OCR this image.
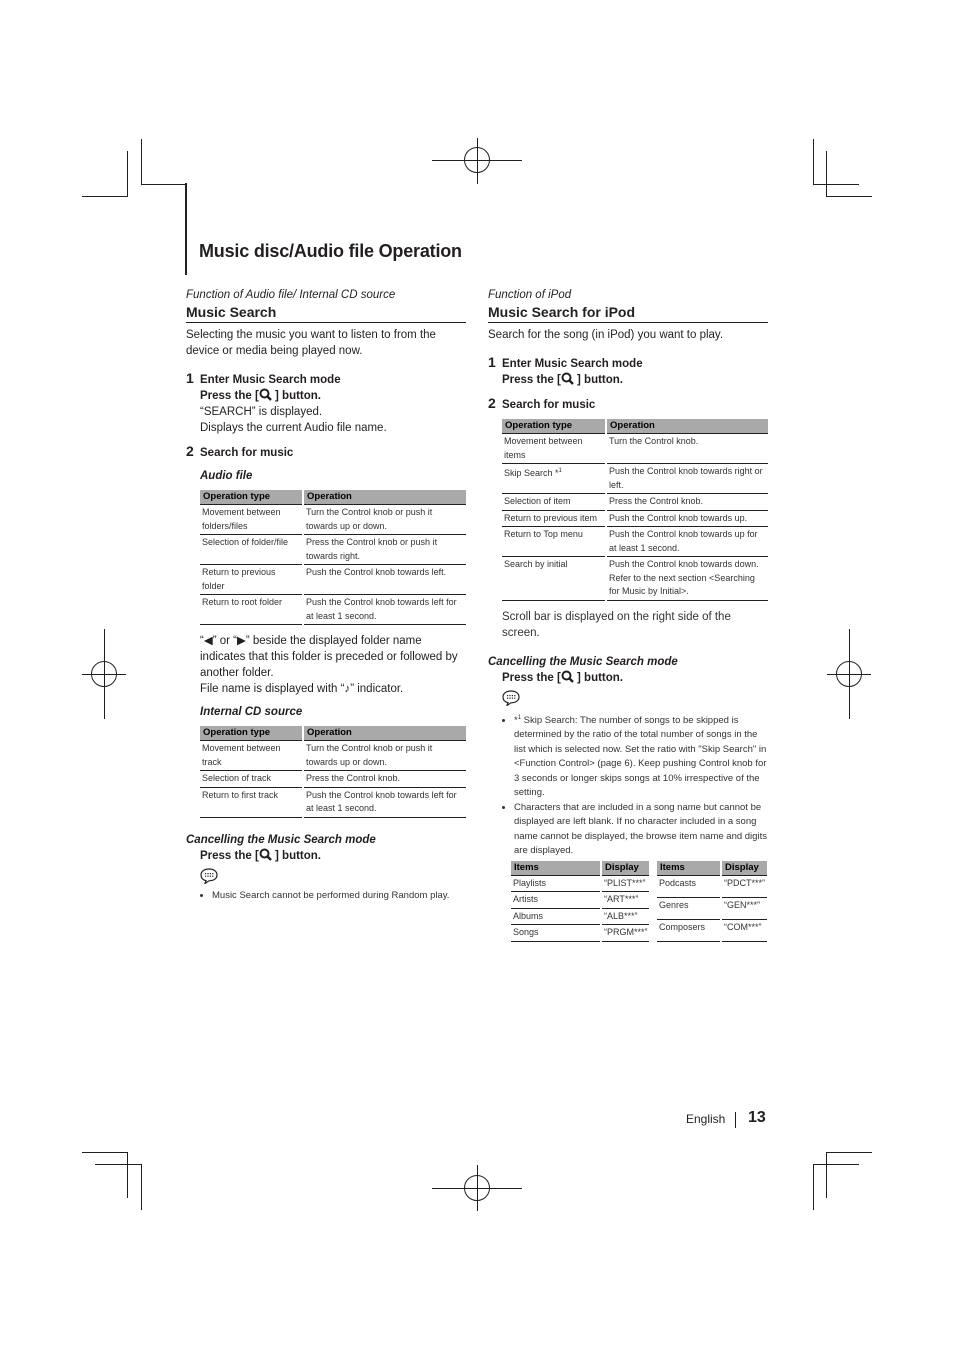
Music disc/Audio file Operation
Function of Audio file/ Internal CD source
Music Search

Selecting the music you want to listen to from the device or media being played now.

1 Enter Music Search mode
Press the [ ] button.
“SEARCH” is displayed.
Displays the current Audio file name.
2 Search for music
Audio file
Operation type	Operation
Movement between folders/files	Turn the Control knob or push it towards up or down.
Selection of folder/file	Press the Control knob or push it towards right.
Return to previous folder	Push the Control knob towards left.
Return to root folder	Push the Control knob towards left for at least 1 second.

“◀” or “▶” beside the displayed folder name indicates that this folder is preceded or followed by another folder.

File name is displayed with “♪” indicator.

Internal CD source
Operation type	Operation
Movement between track	Turn the Control knob or push it towards up or down.
Selection of track	Press the Control knob.
Return to first track	Push the Control knob towards left for at least 1 second.
Cancelling the Music Search mode
Press the [ ] button.
• Music Search cannot be performed during Random play.
Function of iPod
Music Search for iPod

Search for the song (in iPod) you want to play.

1 Enter Music Search mode
Press the [ ] button.
2 Search for music
Operation type	Operation
Movement between items	Turn the Control knob.
Skip Search *$^1$	Push the Control knob towards right or left.
Selection of item	Press the Control knob.
Return to previous item	Push the Control knob towards up.
Return to Top menu	Push the Control knob towards up for at least 1 second.
Search by initial	Push the Control knob towards down. Refer to the next section <Searching for Music by Initial>.

Scroll bar is displayed on the right side of the screen.

Cancelling the Music Search mode
Press the [ ] button.
• *$^1$ Skip Search: The number of songs to be skipped is determined by the ratio of the total number of songs in the list which is selected now. Set the ratio with "Skip Search" in <Function Control> (page 6). Keep pushing Control knob for 3 seconds or longer skips songs at 10% irrespective of the setting.
• Characters that are included in a song name but cannot be displayed are left blank. If no character included in a song name cannot be displayed, the browse item name and digits are displayed.
Items	Display
Playlists	“PLIST***”
Artists	“ART***”
Albums	“ALB***”
Songs	“PRGM***”
Items	Display
Podcasts	“PDCT***”
Genres	“GEN***”
Composers	“COM***”
English 13
